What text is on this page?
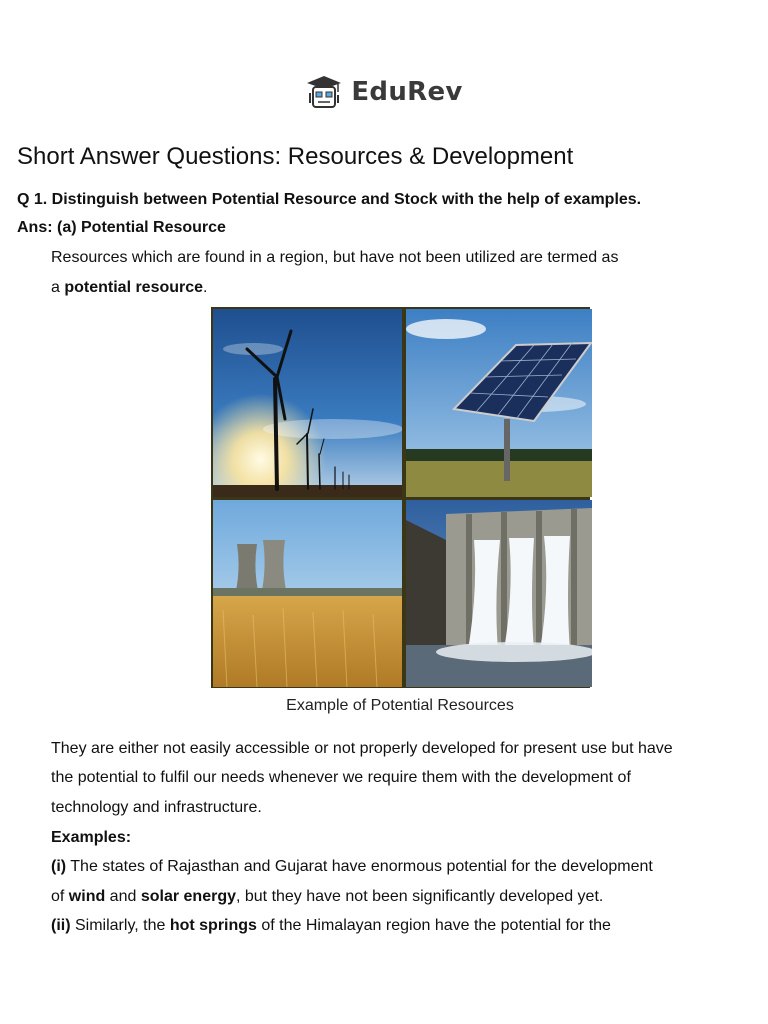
EduRev
Short Answer Questions: Resources & Development
Q 1. Distinguish between Potential Resource and Stock with the help of examples.
Ans: (a) Potential Resource
Resources which are found in a region, but have not been utilized are termed as
a potential resource.
Example of Potential Resources
They are either not easily accessible or not properly developed for present use but have
the potential to fulfil our needs whenever we require them with the development of
technology and infrastructure.
Examples:
(i) The states of Rajasthan and Gujarat have enormous potential for the development
of wind and solar energy, but they have not been significantly developed yet.
(ii) Similarly, the hot springs of the Himalayan region have the potential for the
